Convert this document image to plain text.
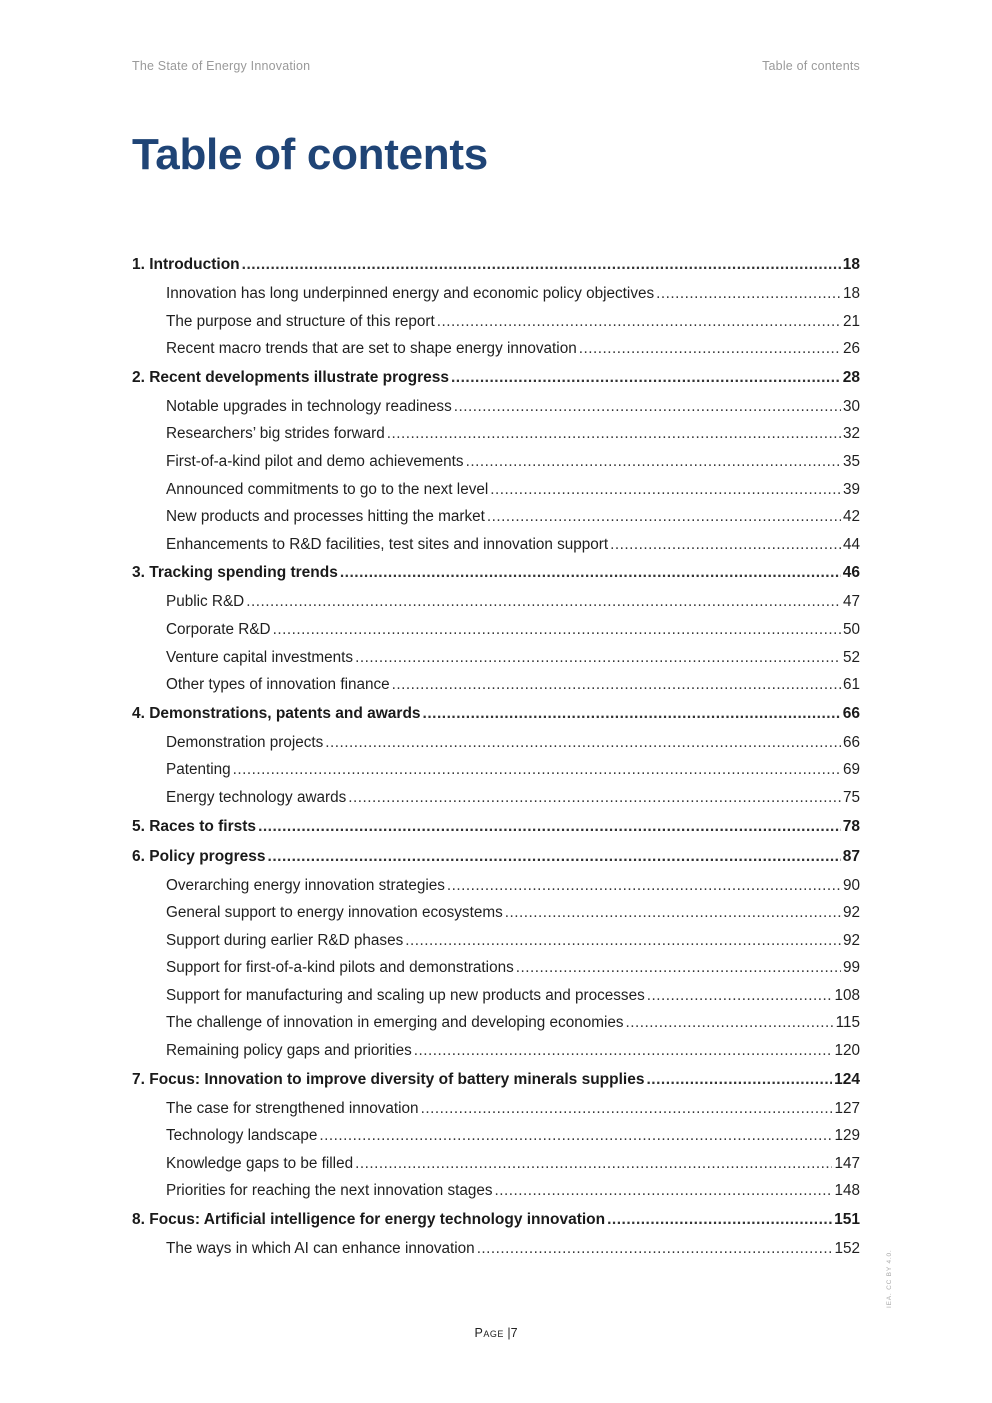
The State of Energy Innovation	Table of contents
Table of contents
1. Introduction .....	18
Innovation has long underpinned energy and economic policy objectives .....	18
The purpose and structure of this report .....	21
Recent macro trends that are set to shape energy innovation .....	26
2. Recent developments illustrate progress .....	28
Notable upgrades in technology readiness .....	30
Researchers’ big strides forward .....	32
First-of-a-kind pilot and demo achievements .....	35
Announced commitments to go to the next level .....	39
New products and processes hitting the market .....	42
Enhancements to R&D facilities, test sites and innovation support .....	44
3. Tracking spending trends .....	46
Public R&D .....	47
Corporate R&D .....	50
Venture capital investments .....	52
Other types of innovation finance .....	61
4. Demonstrations, patents and awards .....	66
Demonstration projects .....	66
Patenting .....	69
Energy technology awards .....	75
5. Races to firsts .....	78
6. Policy progress .....	87
Overarching energy innovation strategies .....	90
General support to energy innovation ecosystems .....	92
Support during earlier R&D phases .....	92
Support for first-of-a-kind pilots and demonstrations .....	99
Support for manufacturing and scaling up new products and processes .....	108
The challenge of innovation in emerging and developing economies .....	115
Remaining policy gaps and priorities .....	120
7. Focus: Innovation to improve diversity of battery minerals supplies .....	124
The case for strengthened innovation .....	127
Technology landscape .....	129
Knowledge gaps to be filled .....	147
Priorities for reaching the next innovation stages .....	148
8. Focus: Artificial intelligence for energy technology innovation .....	151
The ways in which AI can enhance innovation .....	152
Page |7
IEA. CC BY 4.0.
